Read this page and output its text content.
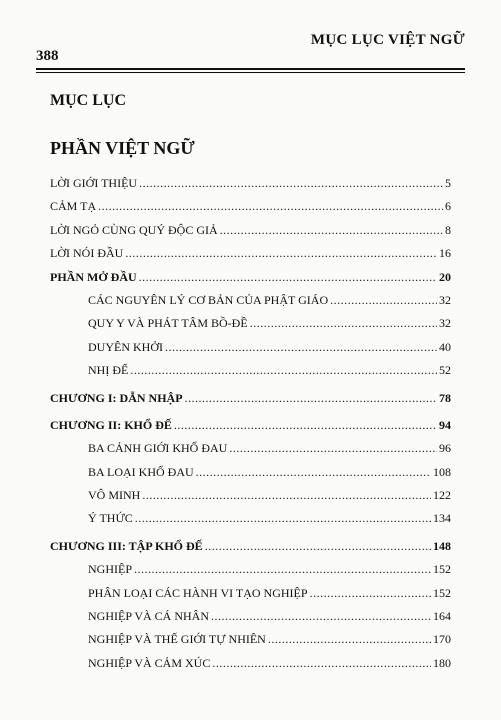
388
MỤC LỤC VIỆT NGỮ
MỤC LỤC
PHẦN VIỆT NGỮ
LỜI GIỚI THIỆU .....	5
CẢM TẠ .....	6
LỜI NGỎ CÙNG QUÝ ĐỘC GIẢ .....	8
LỜI NÓI ĐẦU .....	16
PHẦN MỞ ĐẦU .....	20
CÁC NGUYÊN LÝ CƠ BẢN CỦA PHẬT GIÁO .....	32
QUY Y VÀ PHÁT TÂM BỒ-ĐỀ .....	32
DUYÊN KHỞI .....	40
NHỊ ĐẾ .....	52
CHƯƠNG I: DẪN NHẬP .....	78
CHƯƠNG II: KHỔ ĐẾ .....	94
BA CẢNH GIỚI KHỔ ĐAU .....	96
BA LOẠI KHỔ ĐAU .....	108
VÔ MINH .....	122
Ý THỨC .....	134
CHƯƠNG III: TẬP KHỔ ĐẾ .....	148
NGHIỆP .....	152
PHÂN LOẠI CÁC HÀNH VI TẠO NGHIỆP .....	152
NGHIỆP VÀ CÁ NHÂN .....	164
NGHIỆP VÀ THẾ GIỚI TỰ NHIÊN .....	170
NGHIỆP VÀ CẢM XÚC .....	180
